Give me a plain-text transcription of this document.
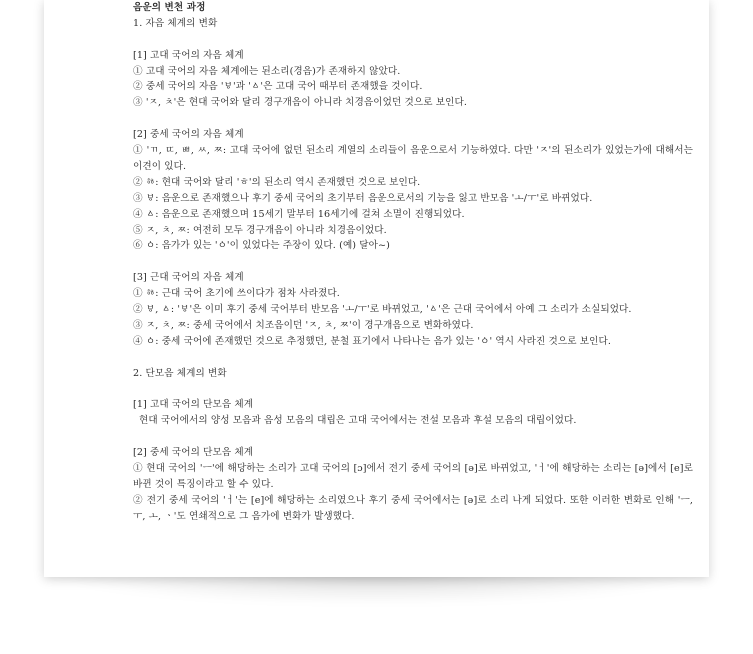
음운의 변천 과정
1. 자음 체계의 변화
[1] 고대 국어의 자음 체계
① 고대 국어의 자음 체계에는 된소리(경음)가 존재하지 않았다.
② 중세 국어의 자음 'ㅸ'과 'ㅿ'은 고대 국어 때부터 존재했을 것이다.
③ 'ㅈ, ㅊ'은 현대 국어와 달리 경구개음이 아니라 치경음이었던 것으로 보인다.
[2] 중세 국어의 자음 체계
① 'ㄲ, ㄸ, ㅃ, ㅆ, ㅉ: 고대 국어에 없던 된소리 계열의 소리들이 음운으로서 기능하였다. 다만 'ㅈ'의 된소리가 있었는가에 대해서는 이견이 있다.
② ㆅ: 현대 국어와 달리 'ㅎ'의 된소리 역시 존재했던 것으로 보인다.
③ ㅸ: 음운으로 존재했으나 후기 중세 국어의 초기부터 음운으로서의 기능을 잃고 반모음 'ㅗ/ㅜ'로 바뀌었다.
④ ㅿ: 음운으로 존재했으며 15세기 말부터 16세기에 걸쳐 소멸이 진행되었다.
⑤ ㅈ, ㅊ, ㅉ: 여전히 모두 경구개음이 아니라 치경음이었다.
⑥ ㆁ: 음가가 있는 'ㆁ'이 있었다는 주장이 있다. (예) 달아~)
[3] 근대 국어의 자음 체계
① ㆅ: 근대 국어 초기에 쓰이다가 점차 사라졌다.
② ㅸ, ㅿ: 'ㅸ'은 이미 후기 중세 국어부터 반모음 'ㅗ/ㅜ'로 바뀌었고, 'ㅿ'은 근대 국어에서 아예 그 소리가 소실되었다.
③ ㅈ, ㅊ, ㅉ: 중세 국어에서 치조음이던 'ㅈ, ㅊ, ㅉ'이 경구개음으로 변화하였다.
④ ㆁ: 중세 국어에 존재했던 것으로 추정했던, 분철 표기에서 나타나는 음가 있는 'ㆁ' 역시 사라진 것으로 보인다.
2. 단모음 체계의 변화
[1] 고대 국어의 단모음 체계
현대 국어에서의 양성 모음과 음성 모음의 대립은 고대 국어에서는 전설 모음과 후설 모음의 대립이었다.
[2] 중세 국어의 단모음 체계
① 현대 국어의 'ㅡ'에 해당하는 소리가 고대 국어의 [ɔ]에서 전기 중세 국어의 [ə]로 바뀌었고, 'ㅓ'에 해당하는 소리는 [ǝ]에서 [e]로 바뀐 것이 특징이라고 할 수 있다.
② 전기 중세 국어의 'ㅓ'는 [e]에 해당하는 소리였으나 후기 중세 국어에서는 [ə]로 소리 나게 되었다. 또한 이러한 변화로 인해 'ㅡ, ㅜ, ㅗ, ㆍ'도 연쇄적으로 그 음가에 변화가 발생했다.
